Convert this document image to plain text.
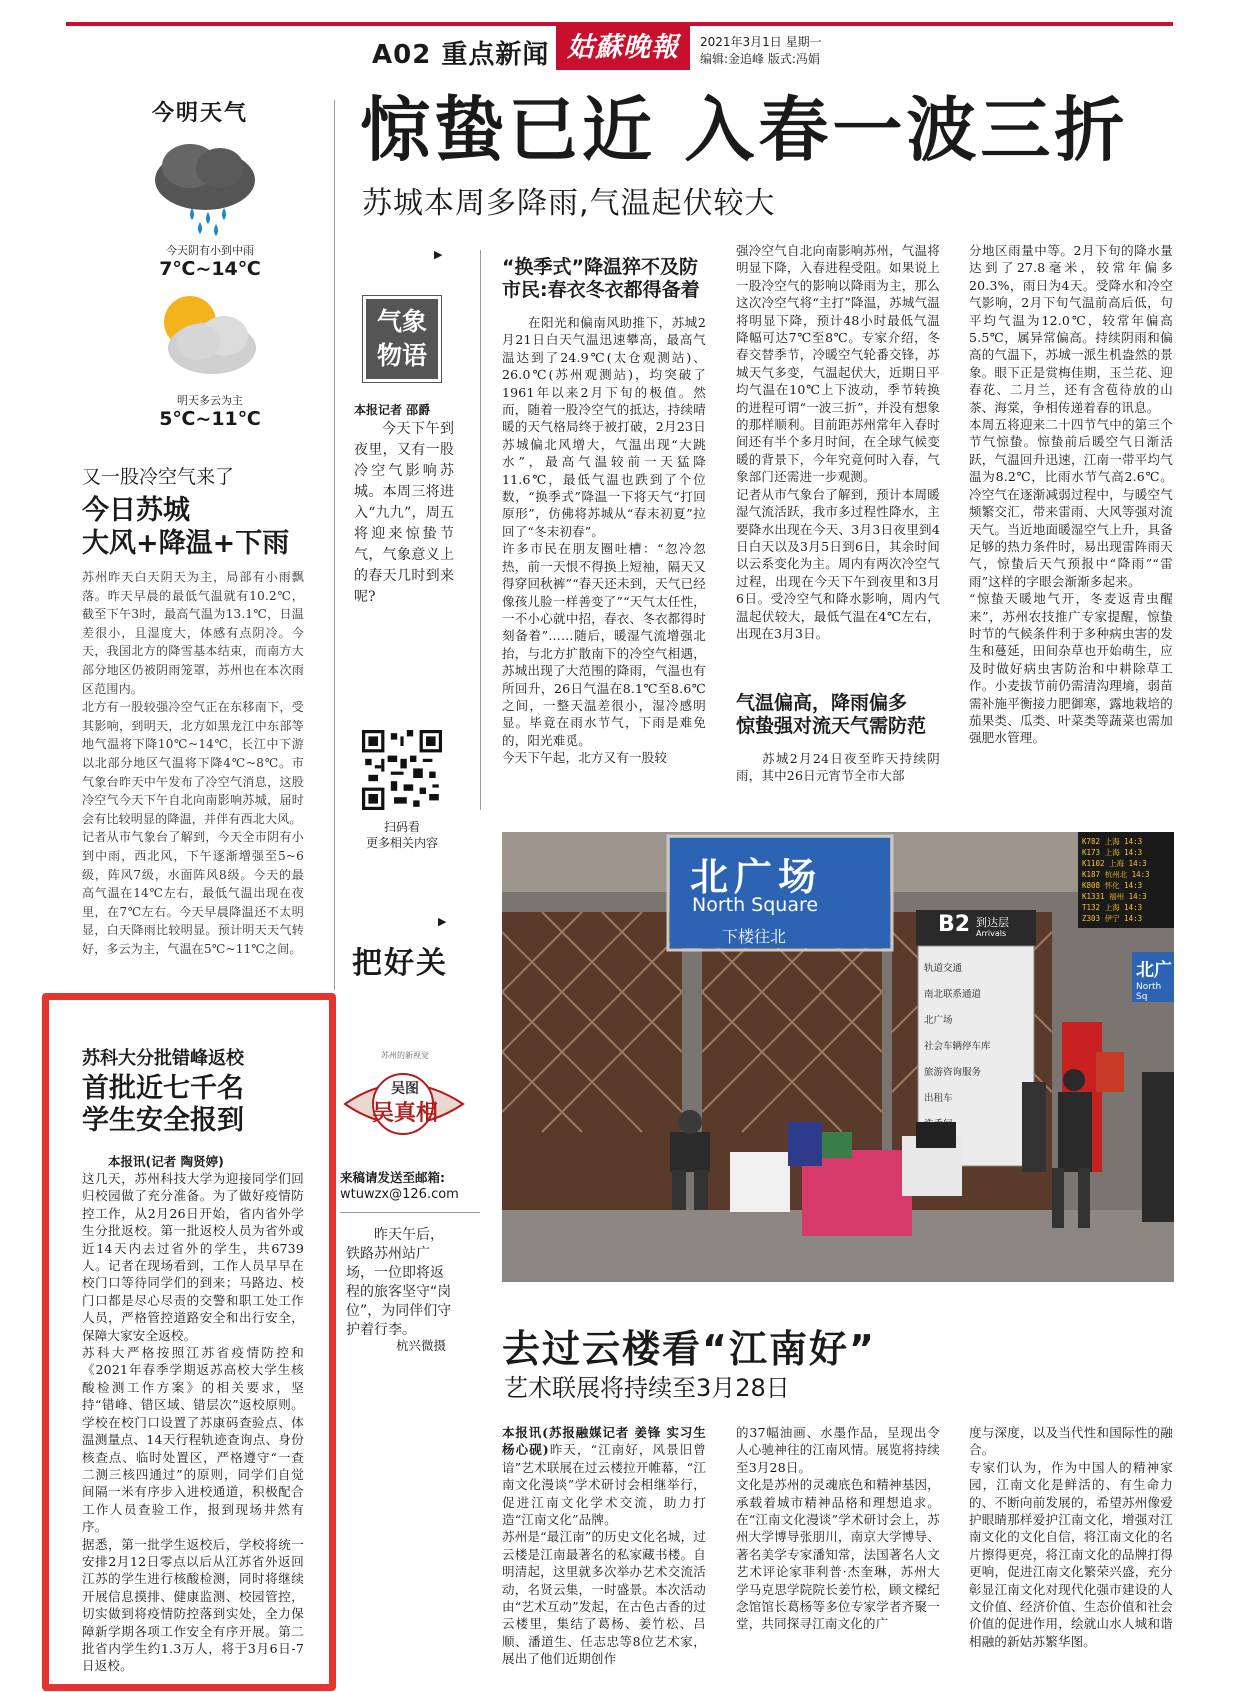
A02 重点新闻 姑蘇晚報	2021年3月1日 星期一
编辑:金追峰 版式:冯娟
今明天气
今天阴有小到中雨
7℃~14℃
明天多云为主
5℃~11℃
又一股冷空气来了
今日苏城
大风+降温+下雨
苏州昨天白天阴天为主，局部有小雨飘落。昨天早晨的最低气温就有10.2℃，截至下午3时，最高气温为13.1℃，日温差很小，且湿度大，体感有点阴冷。今天，我国北方的降雪基本结束，而南方大部分地区仍被阴雨笼罩，苏州也在本次雨区范围内。
北方有一股较强冷空气正在东移南下，受其影响，到明天，北方如黑龙江中东部等地气温将下降10℃~14℃，长江中下游以北部分地区气温将下降4℃~8℃。市气象台昨天中午发布了冷空气消息，这股冷空气今天下午自北向南影响苏城，届时会有比较明显的降温，并伴有西北大风。
记者从市气象台了解到，今天全市阴有小到中雨，西北风，下午逐渐增强至5~6级，阵风7级，水面阵风8级。今天的最高气温在14℃左右，最低气温出现在夜里，在7℃左右。今天早晨降温还不太明显，白天降雨比较明显。预计明天天气转好，多云为主，气温在5℃~11℃之间。
惊蛰已近 入春一波三折
苏城本周多降雨,气温起伏较大
▶
气象物语
本报记者 邵爵
今天下午到夜里，又有一股冷空气影响苏城。本周三将进入“九九”，周五将迎来惊蛰节气，气象意义上的春天几时到来呢?
扫码看
更多相关内容
▶
把好关
“换季式”降温猝不及防
市民:春衣冬衣都得备着
在阳光和偏南风助推下，苏城2月21日白天气温迅速攀高，最高气温达到了24.9℃(太仓观测站)、26.0℃(苏州观测站)，均突破了1961年以来2月下旬的极值。然而，随着一股冷空气的抵达，持续晴暖的天气格局终于被打破，2月23日苏城偏北风增大，气温出现“大跳水”，最高气温较前一天猛降11.6℃，最低气温也跌到了个位数，“换季式”降温一下将天气“打回原形”，仿佛将苏城从“春末初夏”拉回了“冬末初春”。
许多市民在朋友圈吐槽：“忽冷忽热，前一天恨不得换上短袖，隔天又得穿回秋裤”“春天还未到，天气已经像孩儿脸一样善变了”“天气太任性，一不小心就中招，春衣、冬衣都得时刻备着”……随后，暖湿气流增强北抬，与北方扩散南下的冷空气相遇，苏城出现了大范围的降雨，气温也有所回升，26日气温在8.1℃至8.6℃之间，一整天温差很小，湿冷感明显。毕竟在雨水节气，下雨是难免的，阳光难觅。
今天下午起，北方又有一股较
强冷空气自北向南影响苏州，气温将明显下降，入春进程受阻。如果说上一股冷空气的影响以降雨为主，那么这次冷空气将“主打”降温，苏城气温将明显下降，预计48小时最低气温降幅可达7℃至8℃。专家介绍，冬春交替季节，冷暖空气轮番交锋，苏城天气多变，气温起伏大，近期日平均气温在10℃上下波动，季节转换的进程可谓“一波三折”，并没有想象的那样顺利。目前距苏州常年入春时间还有半个多月时间，在全球气候变暖的背景下，今年究竟何时入春，气象部门还需进一步观测。
记者从市气象台了解到，预计本周暖湿气流活跃，我市多过程性降水，主要降水出现在今天、3月3日夜里到4日白天以及3月5日到6日，其余时间以云系变化为主。周内有两次冷空气过程，出现在今天下午到夜里和3月6日。受冷空气和降水影响，周内气温起伏较大，最低气温在4℃左右，出现在3月3日。
气温偏高，降雨偏多
惊蛰强对流天气需防范
苏城2月24日夜至昨天持续阴雨，其中26日元宵节全市大部
分地区雨量中等。2月下旬的降水量达到了27.8毫米，较常年偏多20.3%，雨日为4天。受降水和冷空气影响，2月下旬气温前高后低，句平均气温为12.0℃，较常年偏高5.5℃，属异常偏高。持续阴雨和偏高的气温下，苏城一派生机盎然的景象。眼下正是赏梅佳期，玉兰花、迎春花、二月兰，还有含苞待放的山茶、海棠，争相传递着春的讯息。
本周五将迎来二十四节气中的第三个节气惊蛰。惊蛰前后暖空气日渐活跃，气温回升迅速，江南一带平均气温为8.2℃，比雨水节气高2.6℃。冷空气在逐渐减弱过程中，与暖空气频繁交汇，带来雷雨、大风等强对流天气。当近地面暖湿空气上升，具备足够的热力条件时，易出现雷阵雨天气，惊蛰后天气预报中“降雨”“雷雨”这样的字眼会渐渐多起来。
“惊蛰天暖地气开，冬麦返青虫醒来”，苏州农技推广专家提醒，惊蛰时节的气候条件利于多种病虫害的发生和蔓延，田间杂草也开始萌生，应及时做好病虫害防治和中耕除草工作。小麦拔节前仍需清沟理墒，弱苗需补施平衡接力肥御寒，露地栽培的茄果类、瓜类、叶菜类等蔬菜也需加强肥水管理。
北广场
North Square
下楼往北	B2 到达层
Arrivals
轨道交通
南北联系通道
北广场
社会车辆停车库
旅游咨询服务
出租车
洗手间
北广
North Sq
K782 上海 14:3
K173 上海 14:3
K1102 上海 14:3
K187 杭州北 14:3
K808 怀化 14:3
K1331 福州 14:3
T132 上海 14:3
Z303 伊宁 14:3
苏州的新视觉
吴图
吴真相
来稿请发送至邮箱:
wtuwzx@126.com
昨天午后，铁路苏州站广场，一位即将返程的旅客坚守“岗位”，为同伴们守护着行李。
杭兴微摄
苏科大分批错峰返校
首批近七千名
学生安全报到
本报讯(记者 陶贤婷)
这几天，苏州科技大学为迎接同学们回归校园做了充分准备。为了做好疫情防控工作，从2月26日开始，省内省外学生分批返校。第一批返校人员为省外或近14天内去过省外的学生，共6739人。记者在现场看到，工作人员早早在校门口等待同学们的到来；马路边、校门口都是尽心尽责的交警和职工处工作人员，严格管控道路安全和出行安全，保障大家安全返校。
苏科大严格按照江苏省疫情防控和《2021年春季学期返苏高校大学生核酸检测工作方案》的相关要求，坚持“错峰、错区域、错层次”返校原则。学校在校门口设置了苏康码查验点、体温测量点、14天行程轨迹查询点、身份核查点、临时处置区，严格遵守“一查二测三核四通过”的原则，同学们自觉间隔一米有序步入进校通道，积极配合工作人员查验工作，报到现场井然有序。
据悉，第一批学生返校后，学校将统一安排2月12日零点以后从江苏省外返回江苏的学生进行核酸检测，同时将继续开展信息摸排、健康监测、校园管控，切实做到将疫情防控落到实处，全力保障新学期各项工作安全有序开展。第二批省内学生约1.3万人，将于3月6日-7日返校。
去过云楼看“江南好”
艺术联展将持续至3月28日
本报讯(苏报融媒记者 姜锋 实习生 杨心砚)昨天，“江南好，风景旧曾谙”艺术联展在过云楼拉开帷幕，“江南文化漫谈”学术研讨会相继举行，促进江南文化学术交流，助力打造“江南文化”品牌。
苏州是“最江南”的历史文化名城，过云楼是江南最著名的私家藏书楼。自明清起，这里就多次举办艺术交流活动，名贤云集，一时盛景。本次活动由“艺术互动”发起，在古色古香的过云楼里，集结了葛杨、姜竹松、吕顺、潘道生、任志忠等8位艺术家，展出了他们近期创作
的37幅油画、水墨作品，呈现出令人心驰神往的江南风情。展览将持续至3月28日。
文化是苏州的灵魂底色和精神基因，承载着城市精神品格和理想追求。在“江南文化漫谈”学术研讨会上，苏州大学博导张朋川，南京大学博导、著名美学专家潘知常，法国著名人文艺术评论家菲利普·杰奎琳，苏州大学马克思学院院长姜竹松，顾文樑纪念馆馆长葛杨等多位专家学者齐聚一堂，共同探寻江南文化的广
度与深度，以及当代性和国际性的融合。
专家们认为，作为中国人的精神家园，江南文化是鲜活的、有生命力的、不断向前发展的，希望苏州像爱护眼睛那样爱护江南文化，增强对江南文化的文化自信，将江南文化的名片擦得更亮，将江南文化的品牌打得更响，促进江南文化繁荣兴盛，充分彰显江南文化对现代化强市建设的人文价值、经济价值、生态价值和社会价值的促进作用，绘就山水人城和谐相融的新姑苏繁华图。
